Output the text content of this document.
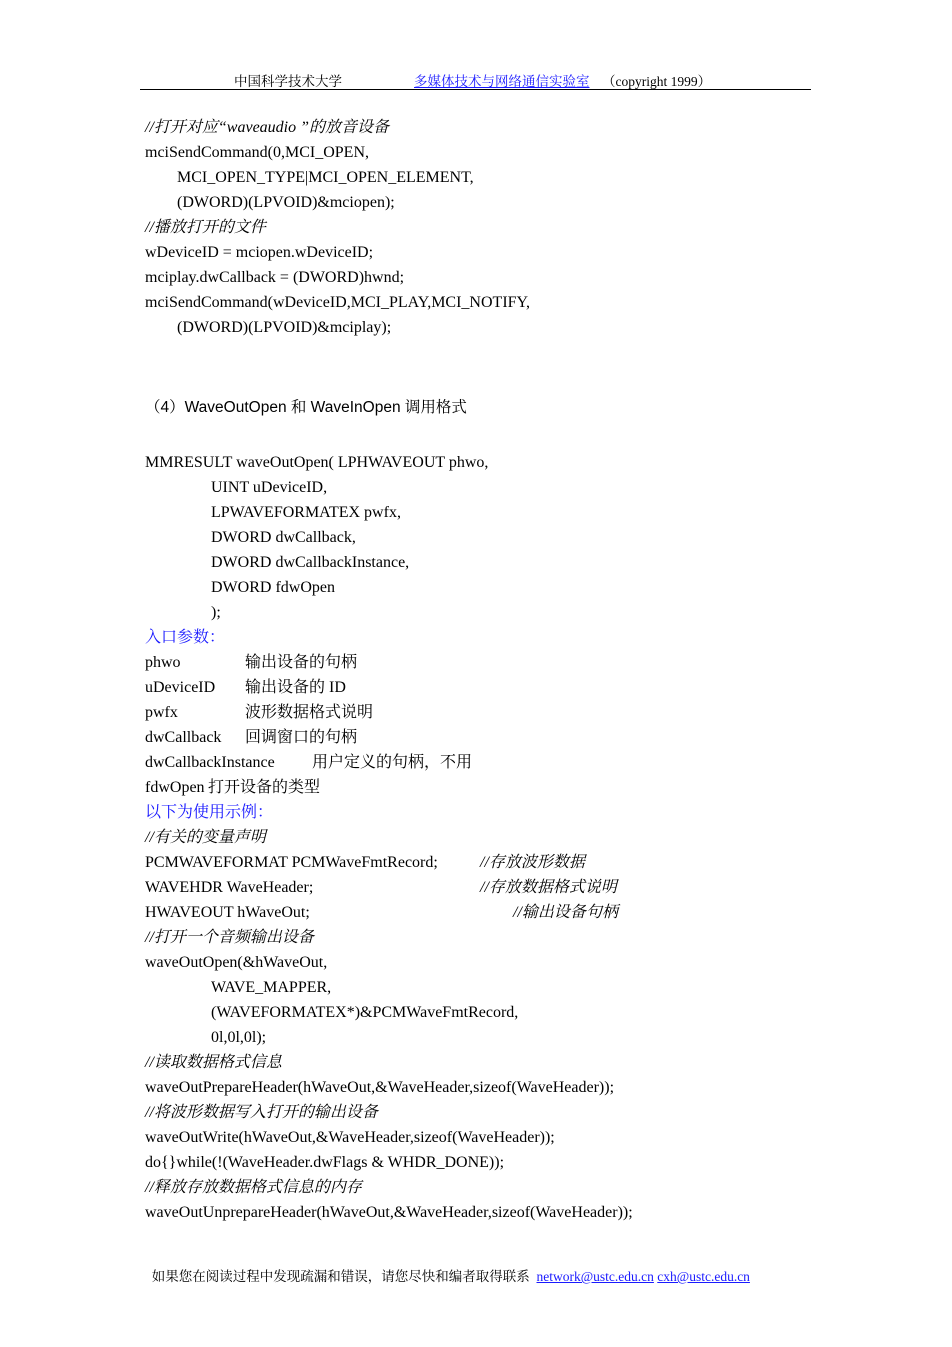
中国科学技术大学	多媒体技术与网络通信实验室 （copyright 1999）
//打开对应“waveaudio ”的放音设备
mciSendCommand(0,MCI_OPEN,
MCI_OPEN_TYPE|MCI_OPEN_ELEMENT,
(DWORD)(LPVOID)&mciopen);
//播放打开的文件
wDeviceID = mciopen.wDeviceID;
mciplay.dwCallback = (DWORD)hwnd;
mciSendCommand(wDeviceID,MCI_PLAY,MCI_NOTIFY,
(DWORD)(LPVOID)&mciplay);
（4）WaveOutOpen 和 WaveInOpen 调用格式
MMRESULT waveOutOpen( LPHWAVEOUT phwo,
UINT uDeviceID,
LPWAVEFORMATEX pwfx,
DWORD dwCallback,
DWORD dwCallbackInstance,
DWORD fdwOpen
);
入口参数：
phwo	输出设备的句柄
uDeviceID 输出设备的 ID
pwfx	波形数据格式说明
dwCallback 回调窗口的句柄
dwCallbackInstance 用户定义的句柄，不用
fdwOpen 打开设备的类型
以下为使用示例：
//有关的变量声明
PCMWAVEFORMAT PCMWaveFmtRecord;	//存放波形数据
WAVEHDR WaveHeader;	//存放数据格式说明
HWAVEOUT hWaveOut;	//输出设备句柄
//打开一个音频输出设备
waveOutOpen(&hWaveOut,
WAVE_MAPPER,
(WAVEFORMATEX*)&PCMWaveFmtRecord,
0l,0l,0l);
//读取数据格式信息
waveOutPrepareHeader(hWaveOut,&WaveHeader,sizeof(WaveHeader));
//将波形数据写入打开的输出设备
waveOutWrite(hWaveOut,&WaveHeader,sizeof(WaveHeader));
do{}while(!(WaveHeader.dwFlags & WHDR_DONE));
//释放存放数据格式信息的内存
waveOutUnprepareHeader(hWaveOut,&WaveHeader,sizeof(WaveHeader));

如果您在阅读过程中发现疏漏和错误，请您尽快和编者取得联系  network@ustc.edu.cn cxh@ustc.edu.cn
